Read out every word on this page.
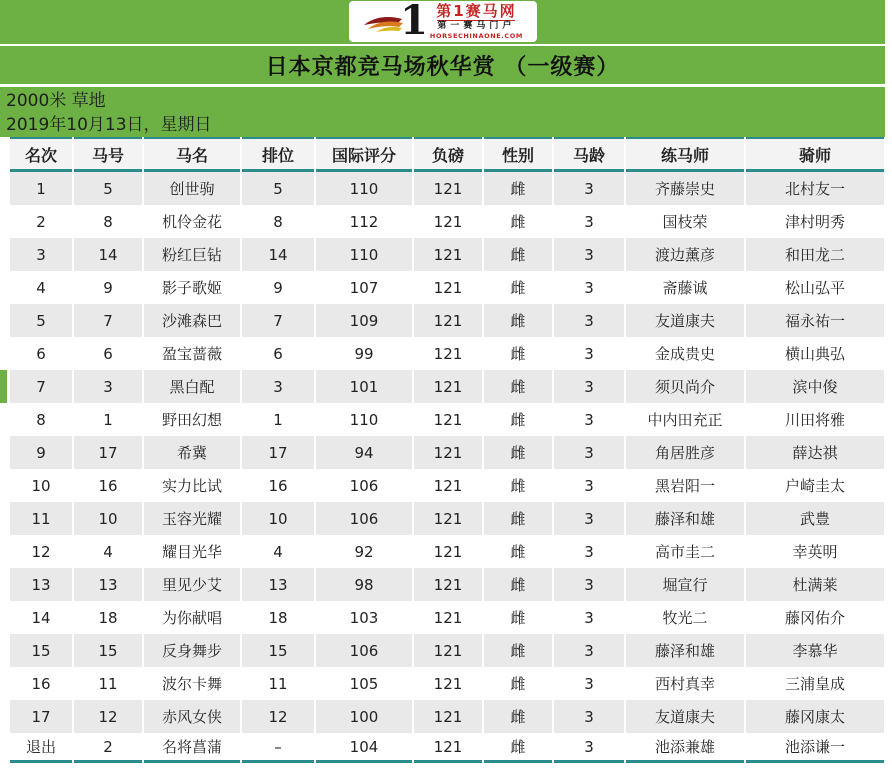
1 第1赛马网
第一赛马门户
HORSECHINAONE.COM
日本京都竞马场秋华赏 （一级赛）
2000米 草地
2019年10月13日，星期日
名次	马号	马名	排位	国际评分	负磅	性别	马龄	练马师	骑师
1	5	创世驹	5	110	121	雌	3	齐藤崇史	北村友一
2	8	机伶金花	8	112	121	雌	3	国枝荣	津村明秀
3	14	粉红巨钻	14	110	121	雌	3	渡边薰彦	和田龙二
4	9	影子歌姬	9	107	121	雌	3	斋藤诚	松山弘平
5	7	沙滩森巴	7	109	121	雌	3	友道康夫	福永祐一
6	6	盈宝蔷薇	6	99	121	雌	3	金成贵史	横山典弘
7	3	黑白配	3	101	121	雌	3	须贝尚介	滨中俊
8	1	野田幻想	1	110	121	雌	3	中内田充正	川田将雅
9	17	希冀	17	94	121	雌	3	角居胜彦	薛达祺
10	16	实力比试	16	106	121	雌	3	黑岩阳一	户崎圭太
11	10	玉容光耀	10	106	121	雌	3	藤泽和雄	武豊
12	4	耀目光华	4	92	121	雌	3	高市圭二	幸英明
13	13	里见少艾	13	98	121	雌	3	堀宣行	杜满莱
14	18	为你献唱	18	103	121	雌	3	牧光二	藤冈佑介
15	15	反身舞步	15	106	121	雌	3	藤泽和雄	李慕华
16	11	波尔卡舞	11	105	121	雌	3	西村真幸	三浦皇成
17	12	赤风女侠	12	100	121	雌	3	友道康夫	藤冈康太
退出	2	名将菖蒲	–	104	121	雌	3	池添兼雄	池添谦一
